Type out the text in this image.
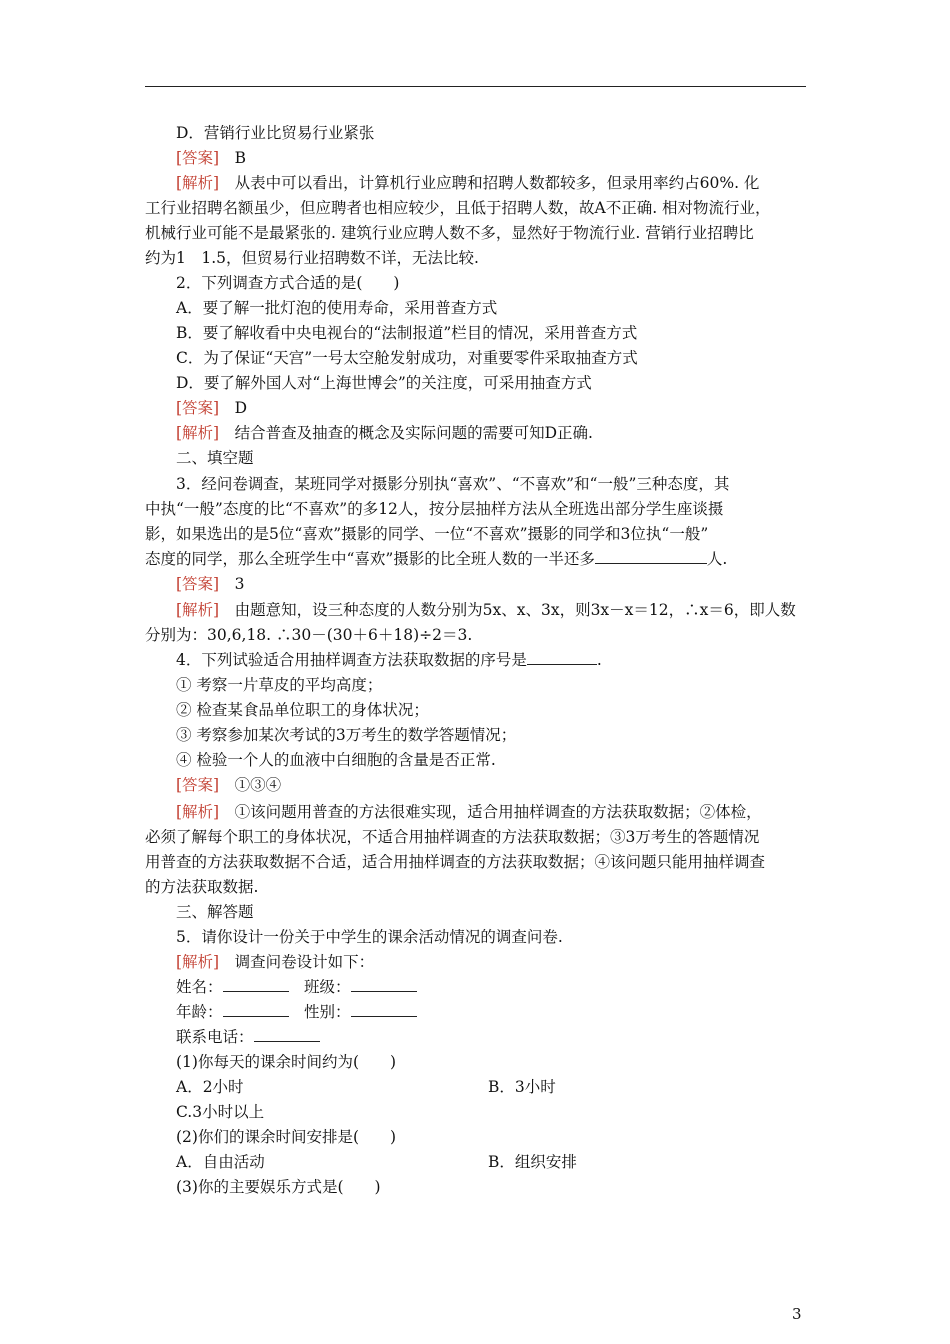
D．营销行业比贸易行业紧张
[答案]　 B
[解析]　 从表中可以看出，计算机行业应聘和招聘人数都较多，但录用率约占60%. 化
工行业招聘名额虽少，但应聘者也相应较少，且低于招聘人数，故A不正确. 相对物流行业，
机械行业可能不是最紧张的. 建筑行业应聘人数不多，显然好于物流行业. 营销行业招聘比
约为1　1.5，但贸易行业招聘数不详，无法比较.
2．下列调查方式合适的是(　　)
A．要了解一批灯泡的使用寿命，采用普查方式
B．要了解收看中央电视台的“法制报道”栏目的情况，采用普查方式
C．为了保证“天宫”一号太空舱发射成功，对重要零件采取抽查方式
D．要了解外国人对“上海世博会”的关注度，可采用抽查方式
[答案]　 D
[解析]　 结合普查及抽查的概念及实际问题的需要可知D正确.
二、填空题
3．经问卷调查，某班同学对摄影分别执“喜欢”、“不喜欢”和“一般”三种态度，其
中执“一般”态度的比“不喜欢”的多12人，按分层抽样方法从全班选出部分学生座谈摄
影，如果选出的是5位“喜欢”摄影的同学、一位“不喜欢”摄影的同学和3位执“一般”
态度的同学，那么全班学生中“喜欢”摄影的比全班人数的一半还多	人.
[答案]　 3
[解析]　 由题意知，设三种态度的人数分别为5x、x、3x，则3x－x＝12，∴x＝6，即人数
分别为：30,6,18. ∴30－(30＋6＋18)÷2＝3.
4．下列试验适合用抽样调查方法获取数据的序号是	.
① 考察一片草皮的平均高度；
② 检查某食品单位职工的身体状况；
③ 考察参加某次考试的3万考生的数学答题情况；
④ 检验一个人的血液中白细胞的含量是否正常.
[答案]　 ①③④
[解析]　 ①该问题用普查的方法很难实现，适合用抽样调查的方法获取数据；②体检，
必须了解每个职工的身体状况，不适合用抽样调查的方法获取数据；③3万考生的答题情况
用普查的方法获取数据不合适，适合用抽样调查的方法获取数据；④该问题只能用抽样调查
的方法获取数据.
三、解答题
5．请你设计一份关于中学生的课余活动情况的调查问卷.
[解析]　 调查问卷设计如下：
姓名：　	班级：
年龄：　	性别：
联系电话：
(1)你每天的课余时间约为(　　)
A．2小时	B．3小时
C.3小时以上
(2)你们的课余时间安排是(　　)
A．自由活动	B．组织安排
(3)你的主要娱乐方式是(　　)
3
